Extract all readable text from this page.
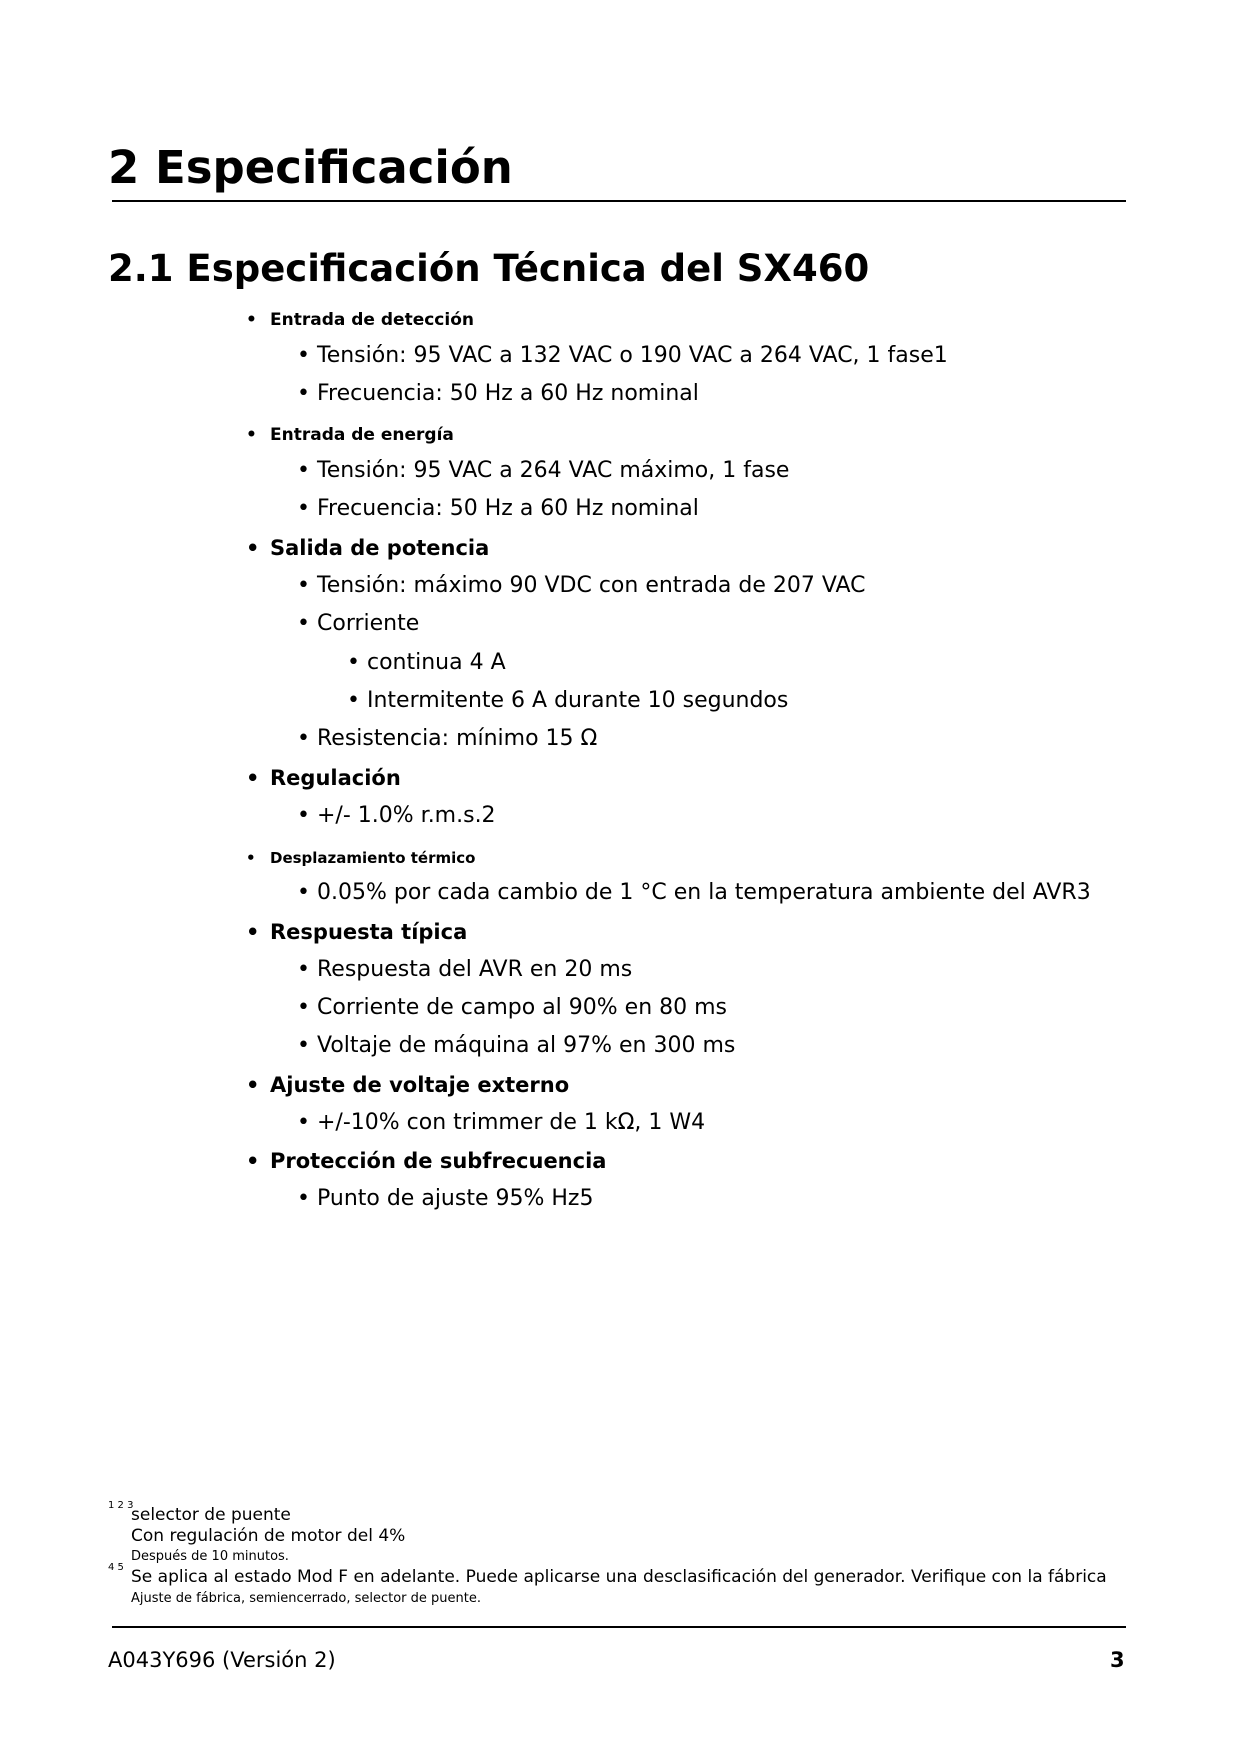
2 Especificación
2.1 Especificación Técnica del SX460
• Entrada de detección
• Tensión: 95 VAC a 132 VAC o 190 VAC a 264 VAC, 1 fase1
• Frecuencia: 50 Hz a 60 Hz nominal
• Entrada de energía
• Tensión: 95 VAC a 264 VAC máximo, 1 fase
• Frecuencia: 50 Hz a 60 Hz nominal
• Salida de potencia
• Tensión: máximo 90 VDC con entrada de 207 VAC
• Corriente
• continua 4 A
• Intermitente 6 A durante 10 segundos
• Resistencia: mínimo 15 Ω
• Regulación
• +/- 1.0% r.m.s.2
• Desplazamiento térmico
• 0.05% por cada cambio de 1 °C en la temperatura ambiente del AVR3
• Respuesta típica
• Respuesta del AVR en 20 ms
• Corriente de campo al 90% en 80 ms
• Voltaje de máquina al 97% en 300 ms
• Ajuste de voltaje externo
• +/-10% con trimmer de 1 kΩ, 1 W4
• Protección de subfrecuencia
• Punto de ajuste 95% Hz5
1 2 3
selector de puente
Con regulación de motor del 4%
Después de 10 minutos.
4 5 Se aplica al estado Mod F en adelante. Puede aplicarse una desclasificación del generador. Verifique con la fábrica
Ajuste de fábrica, semiencerrado, selector de puente.
A043Y696 (Versión 2)	3
